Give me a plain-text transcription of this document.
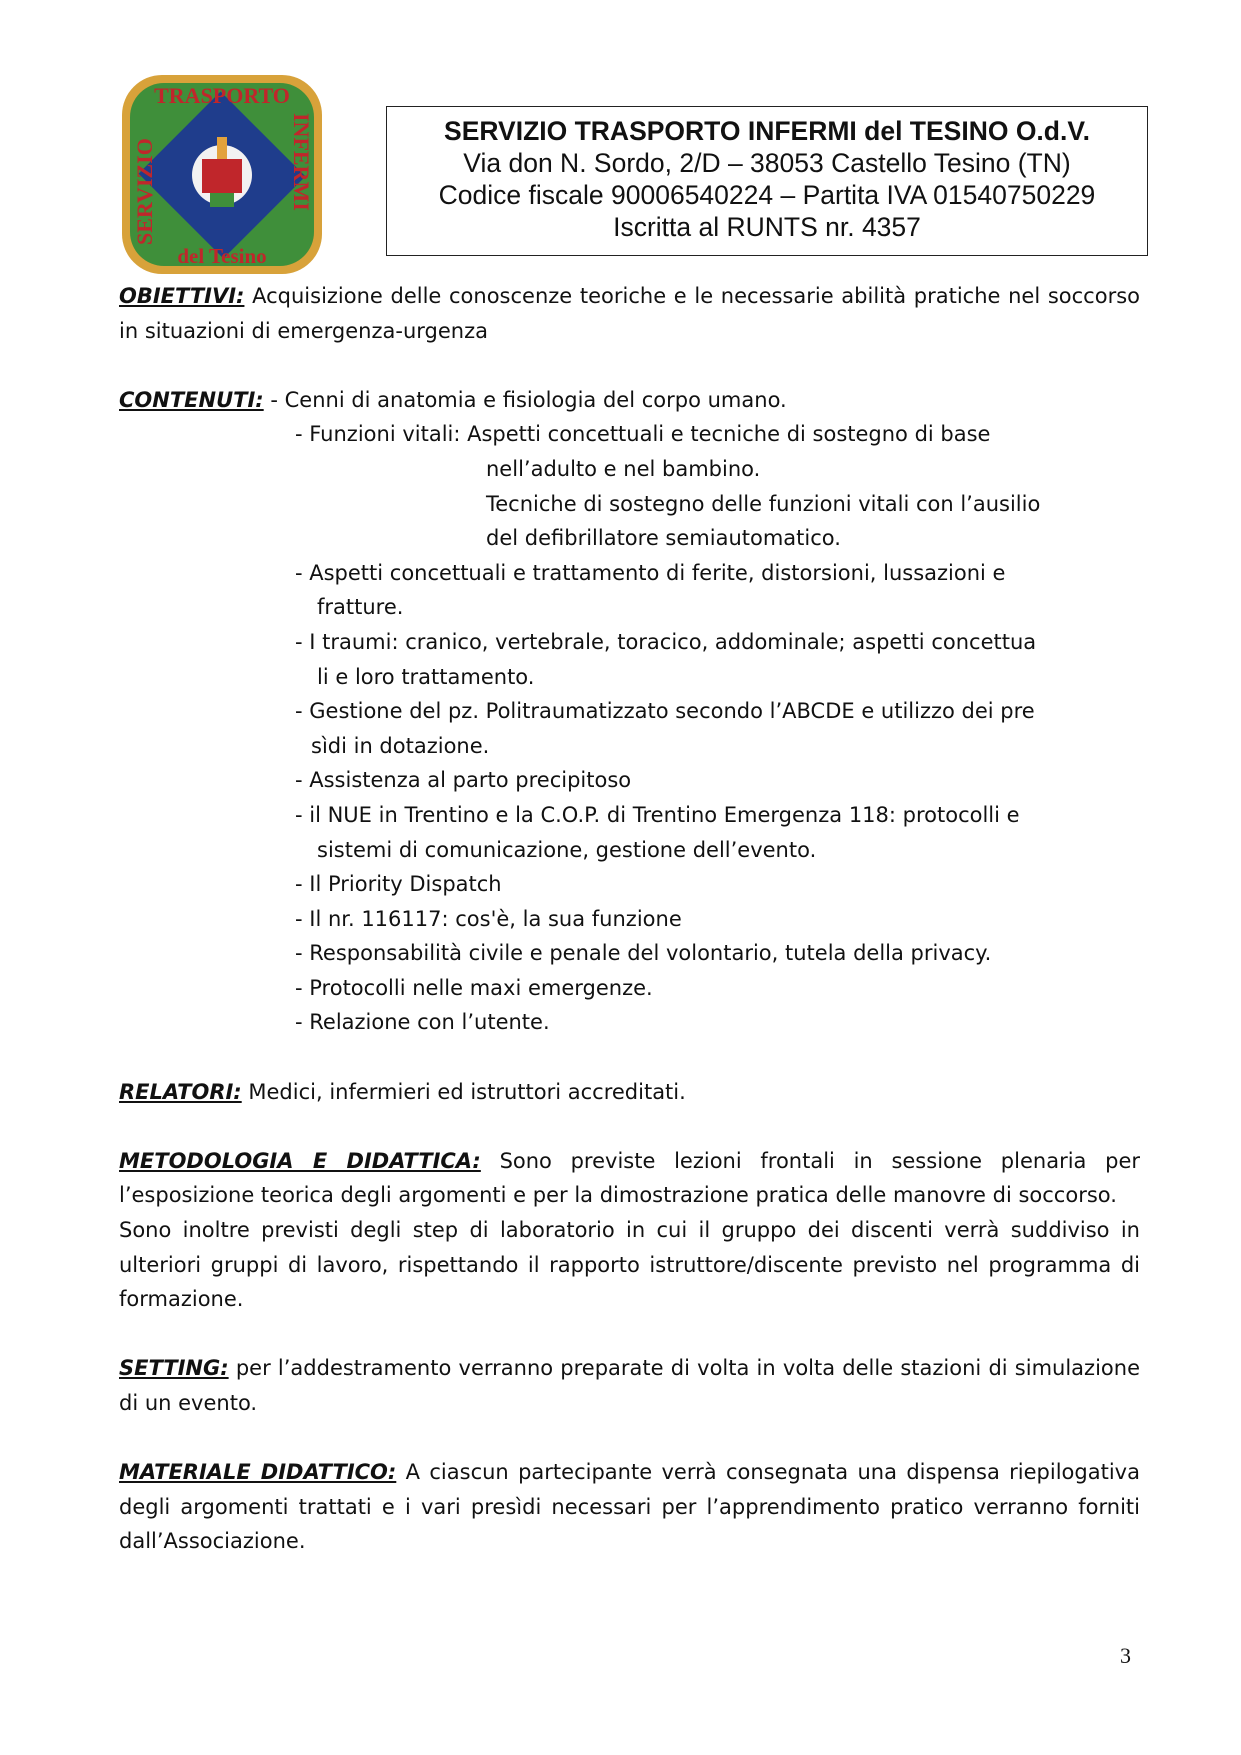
TRASPORTO
del Tesino
SERVIZIO	INFERMI	SERVIZIO TRASPORTO INFERMI del TESINO O.d.V.
Via don N. Sordo, 2/D – 38053 Castello Tesino (TN)
Codice fiscale 90006540224 – Partita IVA 01540750229
Iscritta al RUNTS nr. 4357

OBIETTIVI: Acquisizione delle conoscenze teoriche e le necessarie abilità pratiche nel soccorso in situazioni di emergenza-urgenza

CONTENUTI: - Cenni di anatomia e fisiologia del corpo umano.

- Funzioni vitali: Aspetti concettuali e tecniche di sostegno di base

nell’adulto e nel bambino.

Tecniche di sostegno delle funzioni vitali con l’ausilio

del defibrillatore semiautomatico.

- Aspetti concettuali e trattamento di ferite, distorsioni, lussazioni e
fratture.

- I traumi: cranico, vertebrale, toracico, addominale; aspetti concettua
li e loro trattamento.

- Gestione del pz. Politraumatizzato secondo l’ABCDE e utilizzo dei pre
sìdi in dotazione.

- Assistenza al parto precipitoso

- il NUE in Trentino e la C.O.P. di Trentino Emergenza 118: protocolli e
sistemi di comunicazione, gestione dell’evento.

- Il Priority Dispatch

- Il nr. 116117: cos'è, la sua funzione

- Responsabilità civile e penale del volontario, tutela della privacy.

- Protocolli nelle maxi emergenze.

- Relazione con l’utente.

RELATORI: Medici, infermieri ed istruttori accreditati.

METODOLOGIA E DIDATTICA: Sono previste lezioni frontali in sessione plenaria per l’esposizione teorica degli argomenti e per la dimostrazione pratica delle manovre di soccorso.

Sono inoltre previsti degli step di laboratorio in cui il gruppo dei discenti verrà suddiviso in ulteriori gruppi di lavoro, rispettando il rapporto istruttore/discente previsto nel programma di formazione.

SETTING: per l’addestramento verranno preparate di volta in volta delle stazioni di simulazione di un evento.

MATERIALE DIDATTICO: A ciascun partecipante verrà consegnata una dispensa riepilogativa degli argomenti trattati e i vari presìdi necessari per l’apprendimento pratico verranno forniti dall’Associazione.

3
